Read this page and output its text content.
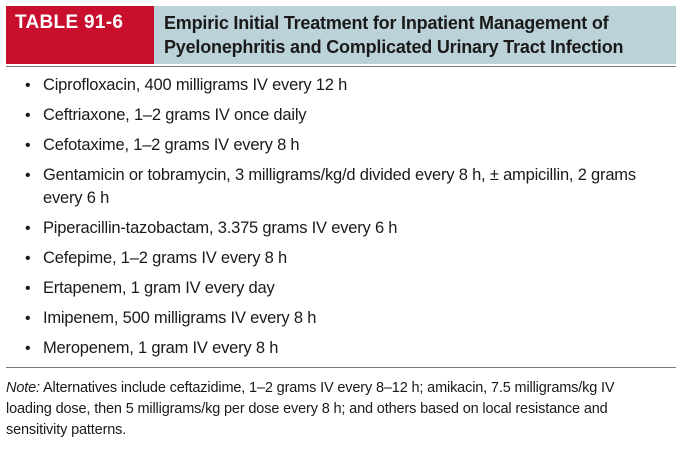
TABLE 91-6 Empiric Initial Treatment for Inpatient Management of
Pyelonephritis and Complicated Urinary Tract Infection
• Ciprofloxacin, 400 milligrams IV every 12 h
• Ceftriaxone, 1–2 grams IV once daily
• Cefotaxime, 1–2 grams IV every 8 h
• Gentamicin or tobramycin, 3 milligrams/kg/d divided every 8 h, ± ampicillin, 2 grams every 6 h
• Piperacillin-tazobactam, 3.375 grams IV every 6 h
• Cefepime, 1–2 grams IV every 8 h
• Ertapenem, 1 gram IV every day
• Imipenem, 500 milligrams IV every 8 h
• Meropenem, 1 gram IV every 8 h
Note: Alternatives include ceftazidime, 1–2 grams IV every 8–12 h; amikacin, 7.5 milligrams/kg IV loading dose, then 5 milligrams/kg per dose every 8 h; and others based on local resistance and sensitivity patterns.
